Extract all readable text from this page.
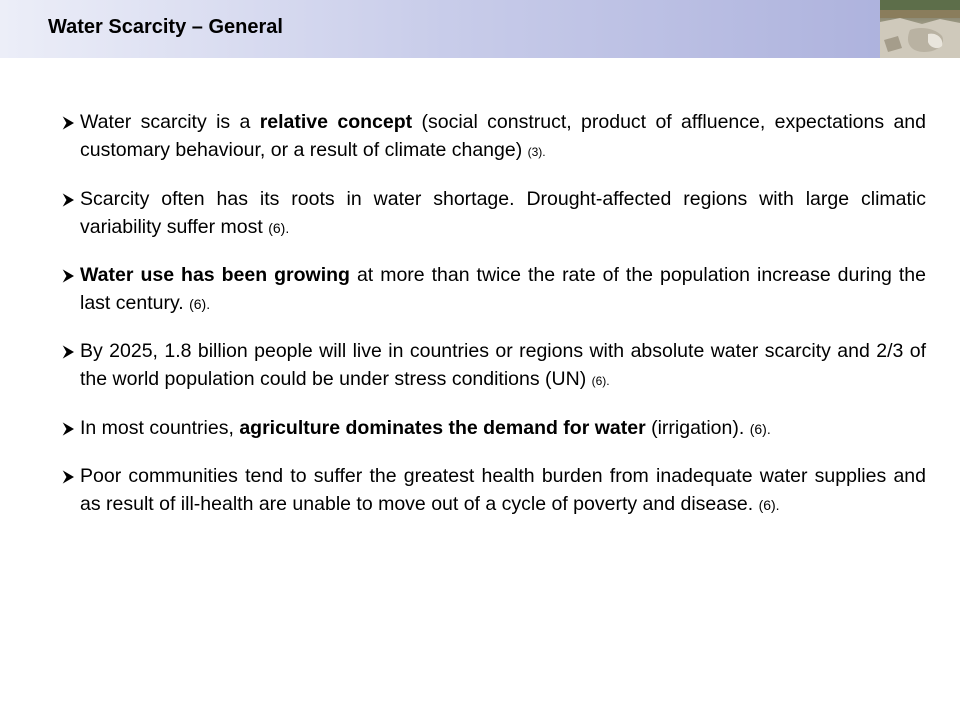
Water Scarcity – General
Water scarcity is a relative concept (social construct, product of affluence, expectations and customary behaviour, or a result of climate change) (3).
Scarcity often has its roots in water shortage. Drought-affected regions with large climatic variability suffer most (6).
Water use has been growing at more than twice the rate of the population increase during the last century. (6).
By 2025, 1.8 billion people will live in countries or regions with absolute water scarcity and 2/3 of the world population could be under stress conditions (UN) (6).
In most countries, agriculture dominates the demand for water (irrigation). (6).
Poor communities tend to suffer the greatest health burden from inadequate water supplies and as result of ill-health are unable to move out of a cycle of poverty and disease. (6).
